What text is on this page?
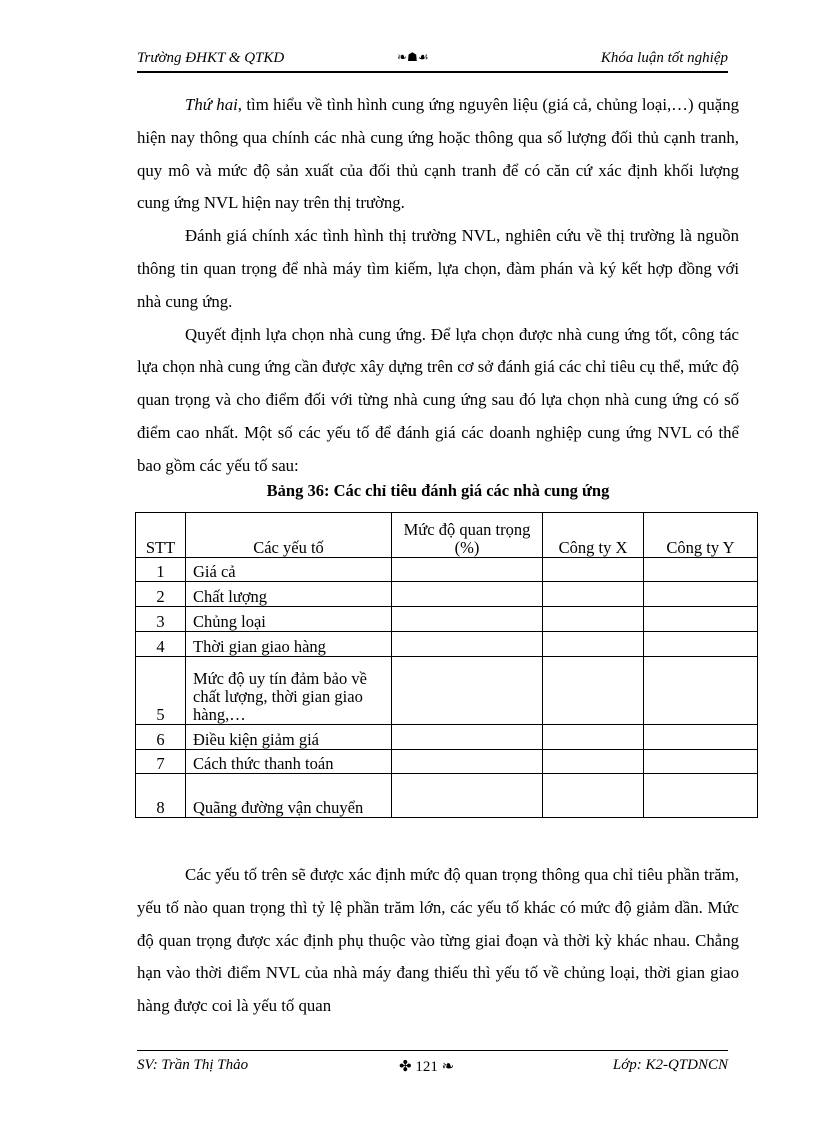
Trường ĐHKT & QTKD	❧☗☙	Khóa luận tốt nghiệp

Thứ hai, tìm hiểu về tình hình cung ứng nguyên liệu (giá cả, chủng loại,…) quặng hiện nay thông qua chính các nhà cung ứng hoặc thông qua số lượng đối thủ cạnh tranh, quy mô và mức độ sản xuất của đối thủ cạnh tranh để có căn cứ xác định khối lượng cung ứng NVL hiện nay trên thị trường.

Đánh giá chính xác tình hình thị trường NVL, nghiên cứu về thị trường là nguồn thông tin quan trọng để nhà máy tìm kiếm, lựa chọn, đàm phán và ký kết hợp đồng với nhà cung ứng.

Quyết định lựa chọn nhà cung ứng. Để lựa chọn được nhà cung ứng tốt, công tác lựa chọn nhà cung ứng cần được xây dựng trên cơ sở đánh giá các chỉ tiêu cụ thể, mức độ quan trọng và cho điểm đối với từng nhà cung ứng sau đó lựa chọn nhà cung ứng có số điểm cao nhất. Một số các yếu tố để đánh giá các doanh nghiệp cung ứng NVL có thể bao gồm các yếu tố sau:

Bảng 36: Các chỉ tiêu đánh giá các nhà cung ứng
STT	Các yếu tố	Mức độ quan trọng (%)	Công ty X	Công ty Y
1	Giá cả			
2	Chất lượng			
3	Chủng loại			
4	Thời gian giao hàng			
5	Mức độ uy tín đảm bảo về chất lượng, thời gian giao hàng,…			
6	Điều kiện giảm giá			
7	Cách thức thanh toán			
8	Quãng đường vận chuyển			

Các yếu tố trên sẽ được xác định mức độ quan trọng thông qua chỉ tiêu phần trăm, yếu tố nào quan trọng thì tỷ lệ phần trăm lớn, các yếu tố khác có mức độ giảm dần. Mức độ quan trọng được xác định phụ thuộc vào từng giai đoạn và thời kỳ khác nhau. Chẳng hạn vào thời điểm NVL của nhà máy đang thiếu thì yếu tố về chủng loại, thời gian giao hàng được coi là yếu tố quan

SV: Trần Thị Thảo	✤ 121 ❧	Lớp: K2-QTDNCN
